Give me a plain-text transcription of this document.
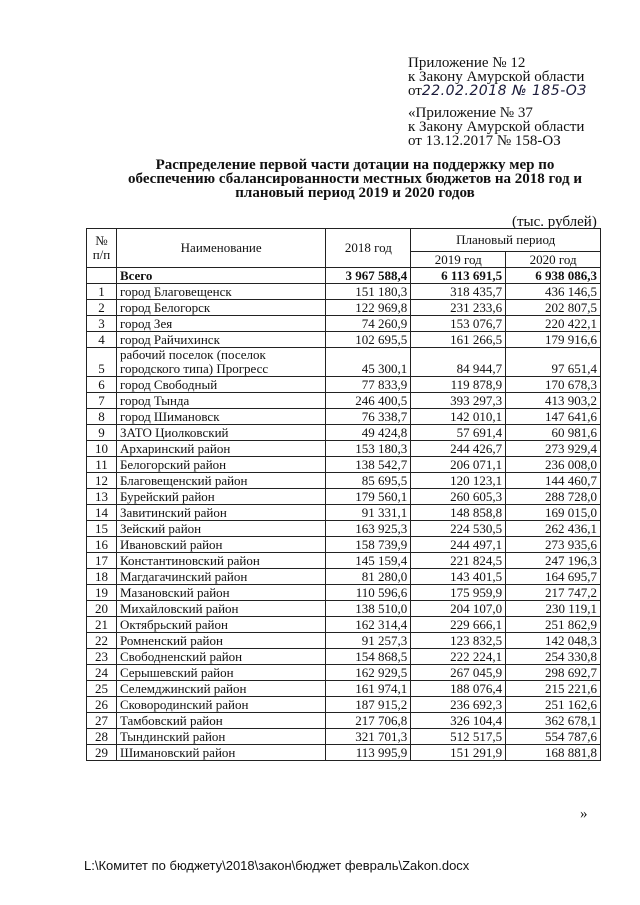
Приложение № 12
к Закону Амурской области
от22.02.2018 № 185-ОЗ
«Приложение № 37
к Закону Амурской области
от 13.12.2017 № 158-ОЗ
Распределение первой части дотации на поддержку мер по обеспечению сбалансированности местных бюджетов на 2018 год и плановый период 2019 и 2020 годов
(тыс. рублей)
№ п/п	Наименование	2018 год	Плановый период	
			2019 год	2020 год
	Всего	3 967 588,4	6 113 691,5	6 938 086,3
1	город Благовещенск	151 180,3	318 435,7	436 146,5
2	город Белогорск	122 969,8	231 233,6	202 807,5
3	город Зея	74 260,9	153 076,7	220 422,1
4	город Райчихинск	102 695,5	161 266,5	179 916,6
5	рабочий поселок (поселок городского типа) Прогресс	45 300,1	84 944,7	97 651,4
6	город Свободный	77 833,9	119 878,9	170 678,3
7	город Тында	246 400,5	393 297,3	413 903,2
8	город Шимановск	76 338,7	142 010,1	147 641,6
9	ЗАТО Циолковский	49 424,8	57 691,4	60 981,6
10	Архаринский район	153 180,3	244 426,7	273 929,4
11	Белогорский район	138 542,7	206 071,1	236 008,0
12	Благовещенский район	85 695,5	120 123,1	144 460,7
13	Бурейский район	179 560,1	260 605,3	288 728,0
14	Завитинский район	91 331,1	148 858,8	169 015,0
15	Зейский район	163 925,3	224 530,5	262 436,1
16	Ивановский район	158 739,9	244 497,1	273 935,6
17	Константиновский район	145 159,4	221 824,5	247 196,3
18	Магдагачинский район	81 280,0	143 401,5	164 695,7
19	Мазановский район	110 596,6	175 959,9	217 747,2
20	Михайловский район	138 510,0	204 107,0	230 119,1
21	Октябрьский район	162 314,4	229 666,1	251 862,9
22	Ромненский район	91 257,3	123 832,5	142 048,3
23	Свободненский район	154 868,5	222 224,1	254 330,8
24	Серышевский район	162 929,5	267 045,9	298 692,7
25	Селемджинский район	161 974,1	188 076,4	215 221,6
26	Сковородинский район	187 915,2	236 692,3	251 162,6
27	Тамбовский район	217 706,8	326 104,4	362 678,1
28	Тындинский район	321 701,3	512 517,5	554 787,6
29	Шимановский район	113 995,9	151 291,9	168 881,8
»
L:\Комитет по бюджету\2018\закон\бюджет февраль\Zakon.docx
